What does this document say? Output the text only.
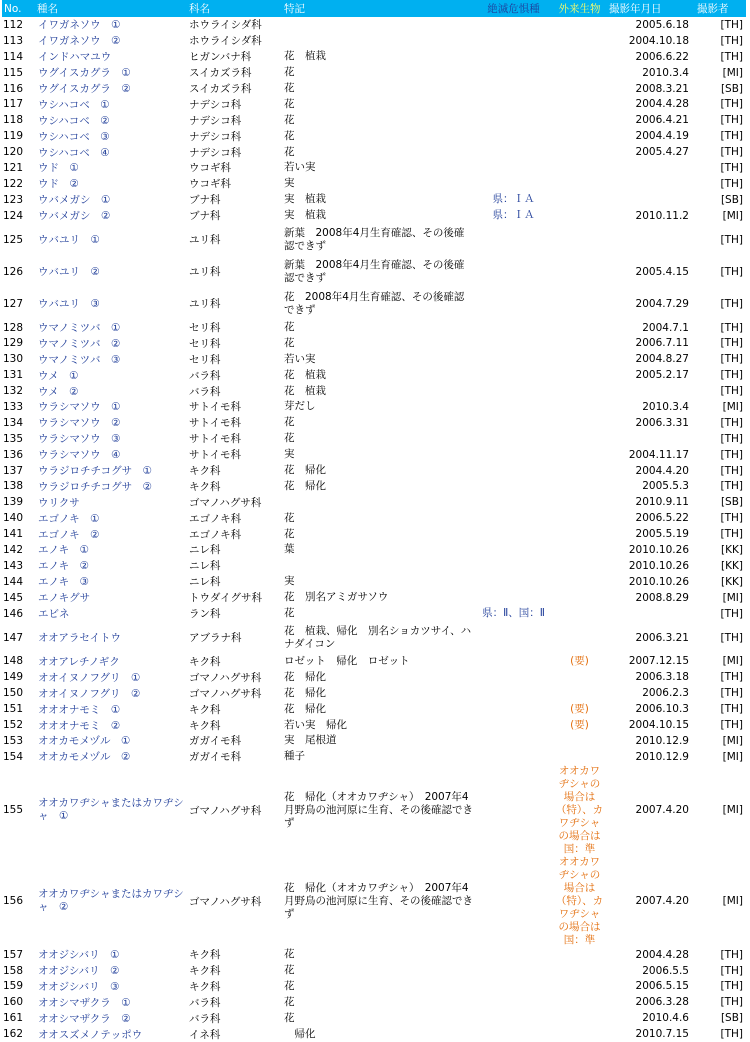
No.	種名	科名	特記	絶滅危惧種	外来生物	撮影年月日	撮影者
112	イワガネソウ　①	ホウライシダ科				2005.6.18	[TH]
113	イワガネソウ　②	ホウライシダ科				2004.10.18	[TH]
114	インドハマユウ	ヒガンバナ科	花　植栽			2006.6.22	[TH]
115	ウグイスカグラ　①	スイカズラ科	花			2010.3.4	[MI]
116	ウグイスカグラ　②	スイカズラ科	花			2008.3.21	[SB]
117	ウシハコベ　①	ナデシコ科	花			2004.4.28	[TH]
118	ウシハコベ　②	ナデシコ科	花			2006.4.21	[TH]
119	ウシハコベ　③	ナデシコ科	花			2004.4.19	[TH]
120	ウシハコベ　④	ナデシコ科	花			2005.4.27	[TH]
121	ウド　①	ウコギ科	若い実				[TH]
122	ウド　②	ウコギ科	実				[TH]
123	ウバメガシ　①	ブナ科	実　植栽	県：ＩＡ			[SB]
124	ウバメガシ　②	ブナ科	実　植栽	県：ＩＡ		2010.11.2	[MI]
125	ウバユリ　①	ユリ科	新葉　2008年4月生育確認、その後確認できず				[TH]
126	ウバユリ　②	ユリ科	新葉　2008年4月生育確認、その後確認できず			2005.4.15	[TH]
127	ウバユリ　③	ユリ科	花　2008年4月生育確認、その後確認できず			2004.7.29	[TH]
128	ウマノミツバ　①	セリ科	花			2004.7.1	[TH]
129	ウマノミツバ　②	セリ科	花			2006.7.11	[TH]
130	ウマノミツバ　③	セリ科	若い実			2004.8.27	[TH]
131	ウメ　①	バラ科	花　植栽			2005.2.17	[TH]
132	ウメ　②	バラ科	花　植栽				[TH]
133	ウラシマソウ　①	サトイモ科	芽だし			2010.3.4	[MI]
134	ウラシマソウ　②	サトイモ科	花			2006.3.31	[TH]
135	ウラシマソウ　③	サトイモ科	花				[TH]
136	ウラシマソウ　④	サトイモ科	実			2004.11.17	[TH]
137	ウラジロチチコグサ　①	キク科	花　帰化			2004.4.20	[TH]
138	ウラジロチチコグサ　②	キク科	花　帰化			2005.5.3	[TH]
139	ウリクサ	ゴマノハグサ科				2010.9.11	[SB]
140	エゴノキ　①	エゴノキ科	花			2006.5.22	[TH]
141	エゴノキ　②	エゴノキ科	花			2005.5.19	[TH]
142	エノキ　①	ニレ科	葉			2010.10.26	[KK]
143	エノキ　②	ニレ科				2010.10.26	[KK]
144	エノキ　③	ニレ科	実			2010.10.26	[KK]
145	エノキグサ	トウダイグサ科	花　別名アミガサソウ			2008.8.29	[MI]
146	エビネ	ラン科	花	県：Ⅱ、国：Ⅱ			[TH]
147	オオアラセイトウ	アブラナ科	花　植栽、帰化　別名ショカツサイ、ハナダイコン			2006.3.21	[TH]
148	オオアレチノギク	キク科	ロゼット　帰化　ロゼット		(要)	2007.12.15	[MI]
149	オオイヌノフグリ　①	ゴマノハグサ科	花　帰化			2006.3.18	[TH]
150	オオイヌノフグリ　②	ゴマノハグサ科	花　帰化			2006.2.3	[TH]
151	オオオナモミ　①	キク科	花　帰化		(要)	2006.10.3	[TH]
152	オオオナモミ　②	キク科	若い実　帰化		(要)	2004.10.15	[TH]
153	オオカモメヅル　①	ガガイモ科	実　尾根道			2010.12.9	[MI]
154	オオカモメヅル　②	ガガイモ科	種子			2010.12.9	[MI]
155	オオカワヂシャまたはカワヂシャ　①	ゴマノハグサ科	花　帰化（オオカワヂシャ）　2007年4月野鳥の池河原に生育、その後確認できず		オオカワヂシャの場合は（特）、カワヂシャの場合は　国：準	2007.4.20	[MI]
156	オオカワヂシャまたはカワヂシャ　②	ゴマノハグサ科	花　帰化（オオカワヂシャ）　2007年4月野鳥の池河原に生育、その後確認できず		オオカワヂシャの場合は（特）、カワヂシャの場合は　国：準	2007.4.20	[MI]
157	オオジシバリ　①	キク科	花			2004.4.28	[TH]
158	オオジシバリ　②	キク科	花			2006.5.5	[TH]
159	オオジシバリ　③	キク科	花			2006.5.15	[TH]
160	オオシマザクラ　①	バラ科	花			2006.3.28	[TH]
161	オオシマザクラ　②	バラ科	花			2010.4.6	[SB]
162	オオスズメノテッポウ	イネ科	　帰化			2010.7.15	[TH]
